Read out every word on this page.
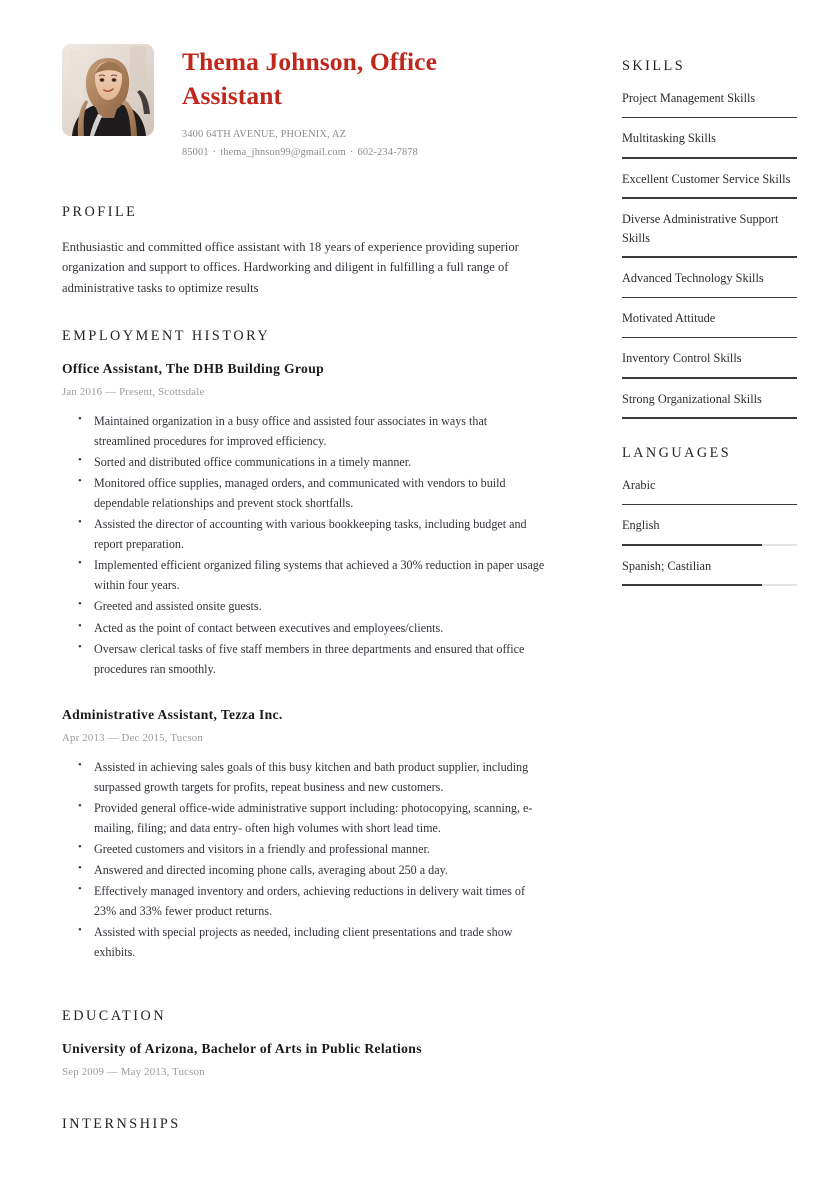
Thema Johnson, Office Assistant
3400 64TH AVENUE, PHOENIX, AZ 85001 · thema_jhnson99@gmail.com · 602-234-7878
PROFILE

Enthusiastic and committed office assistant with 18 years of experience providing superior organization and support to offices. Hardworking and diligent in fulfilling a full range of administrative tasks to optimize results

EMPLOYMENT HISTORY
Office Assistant, The DHB Building Group
Jan 2016 — Present, Scottsdale
• Maintained organization in a busy office and assisted four associates in ways that streamlined procedures for improved efficiency.
• Sorted and distributed office communications in a timely manner.
• Monitored office supplies, managed orders, and communicated with vendors to build dependable relationships and prevent stock shortfalls.
• Assisted the director of accounting with various bookkeeping tasks, including budget and report preparation.
• Implemented efficient organized filing systems that achieved a 30% reduction in paper usage within four years.
• Greeted and assisted onsite guests.
• Acted as the point of contact between executives and employees/clients.
• Oversaw clerical tasks of five staff members in three departments and ensured that office procedures ran smoothly.
Administrative Assistant, Tezza Inc.
Apr 2013 — Dec 2015, Tucson
• Assisted in achieving sales goals of this busy kitchen and bath product supplier, including surpassed growth targets for profits, repeat business and new customers.
• Provided general office-wide administrative support including: photocopying, scanning, e-mailing, filing; and data entry- often high volumes with short lead time.
• Greeted customers and visitors in a friendly and professional manner.
• Answered and directed incoming phone calls, averaging about 250 a day.
• Effectively managed inventory and orders, achieving reductions in delivery wait times of 23% and 33% fewer product returns.
• Assisted with special projects as needed, including client presentations and trade show exhibits.
EDUCATION
University of Arizona, Bachelor of Arts in Public Relations
Sep 2009 — May 2013, Tucson
INTERNSHIPS
SKILLS
Project Management Skills
Multitasking Skills
Excellent Customer Service Skills
Diverse Administrative Support Skills
Advanced Technology Skills
Motivated Attitude
Inventory Control Skills
Strong Organizational Skills
LANGUAGES
Arabic
English
Spanish; Castilian
